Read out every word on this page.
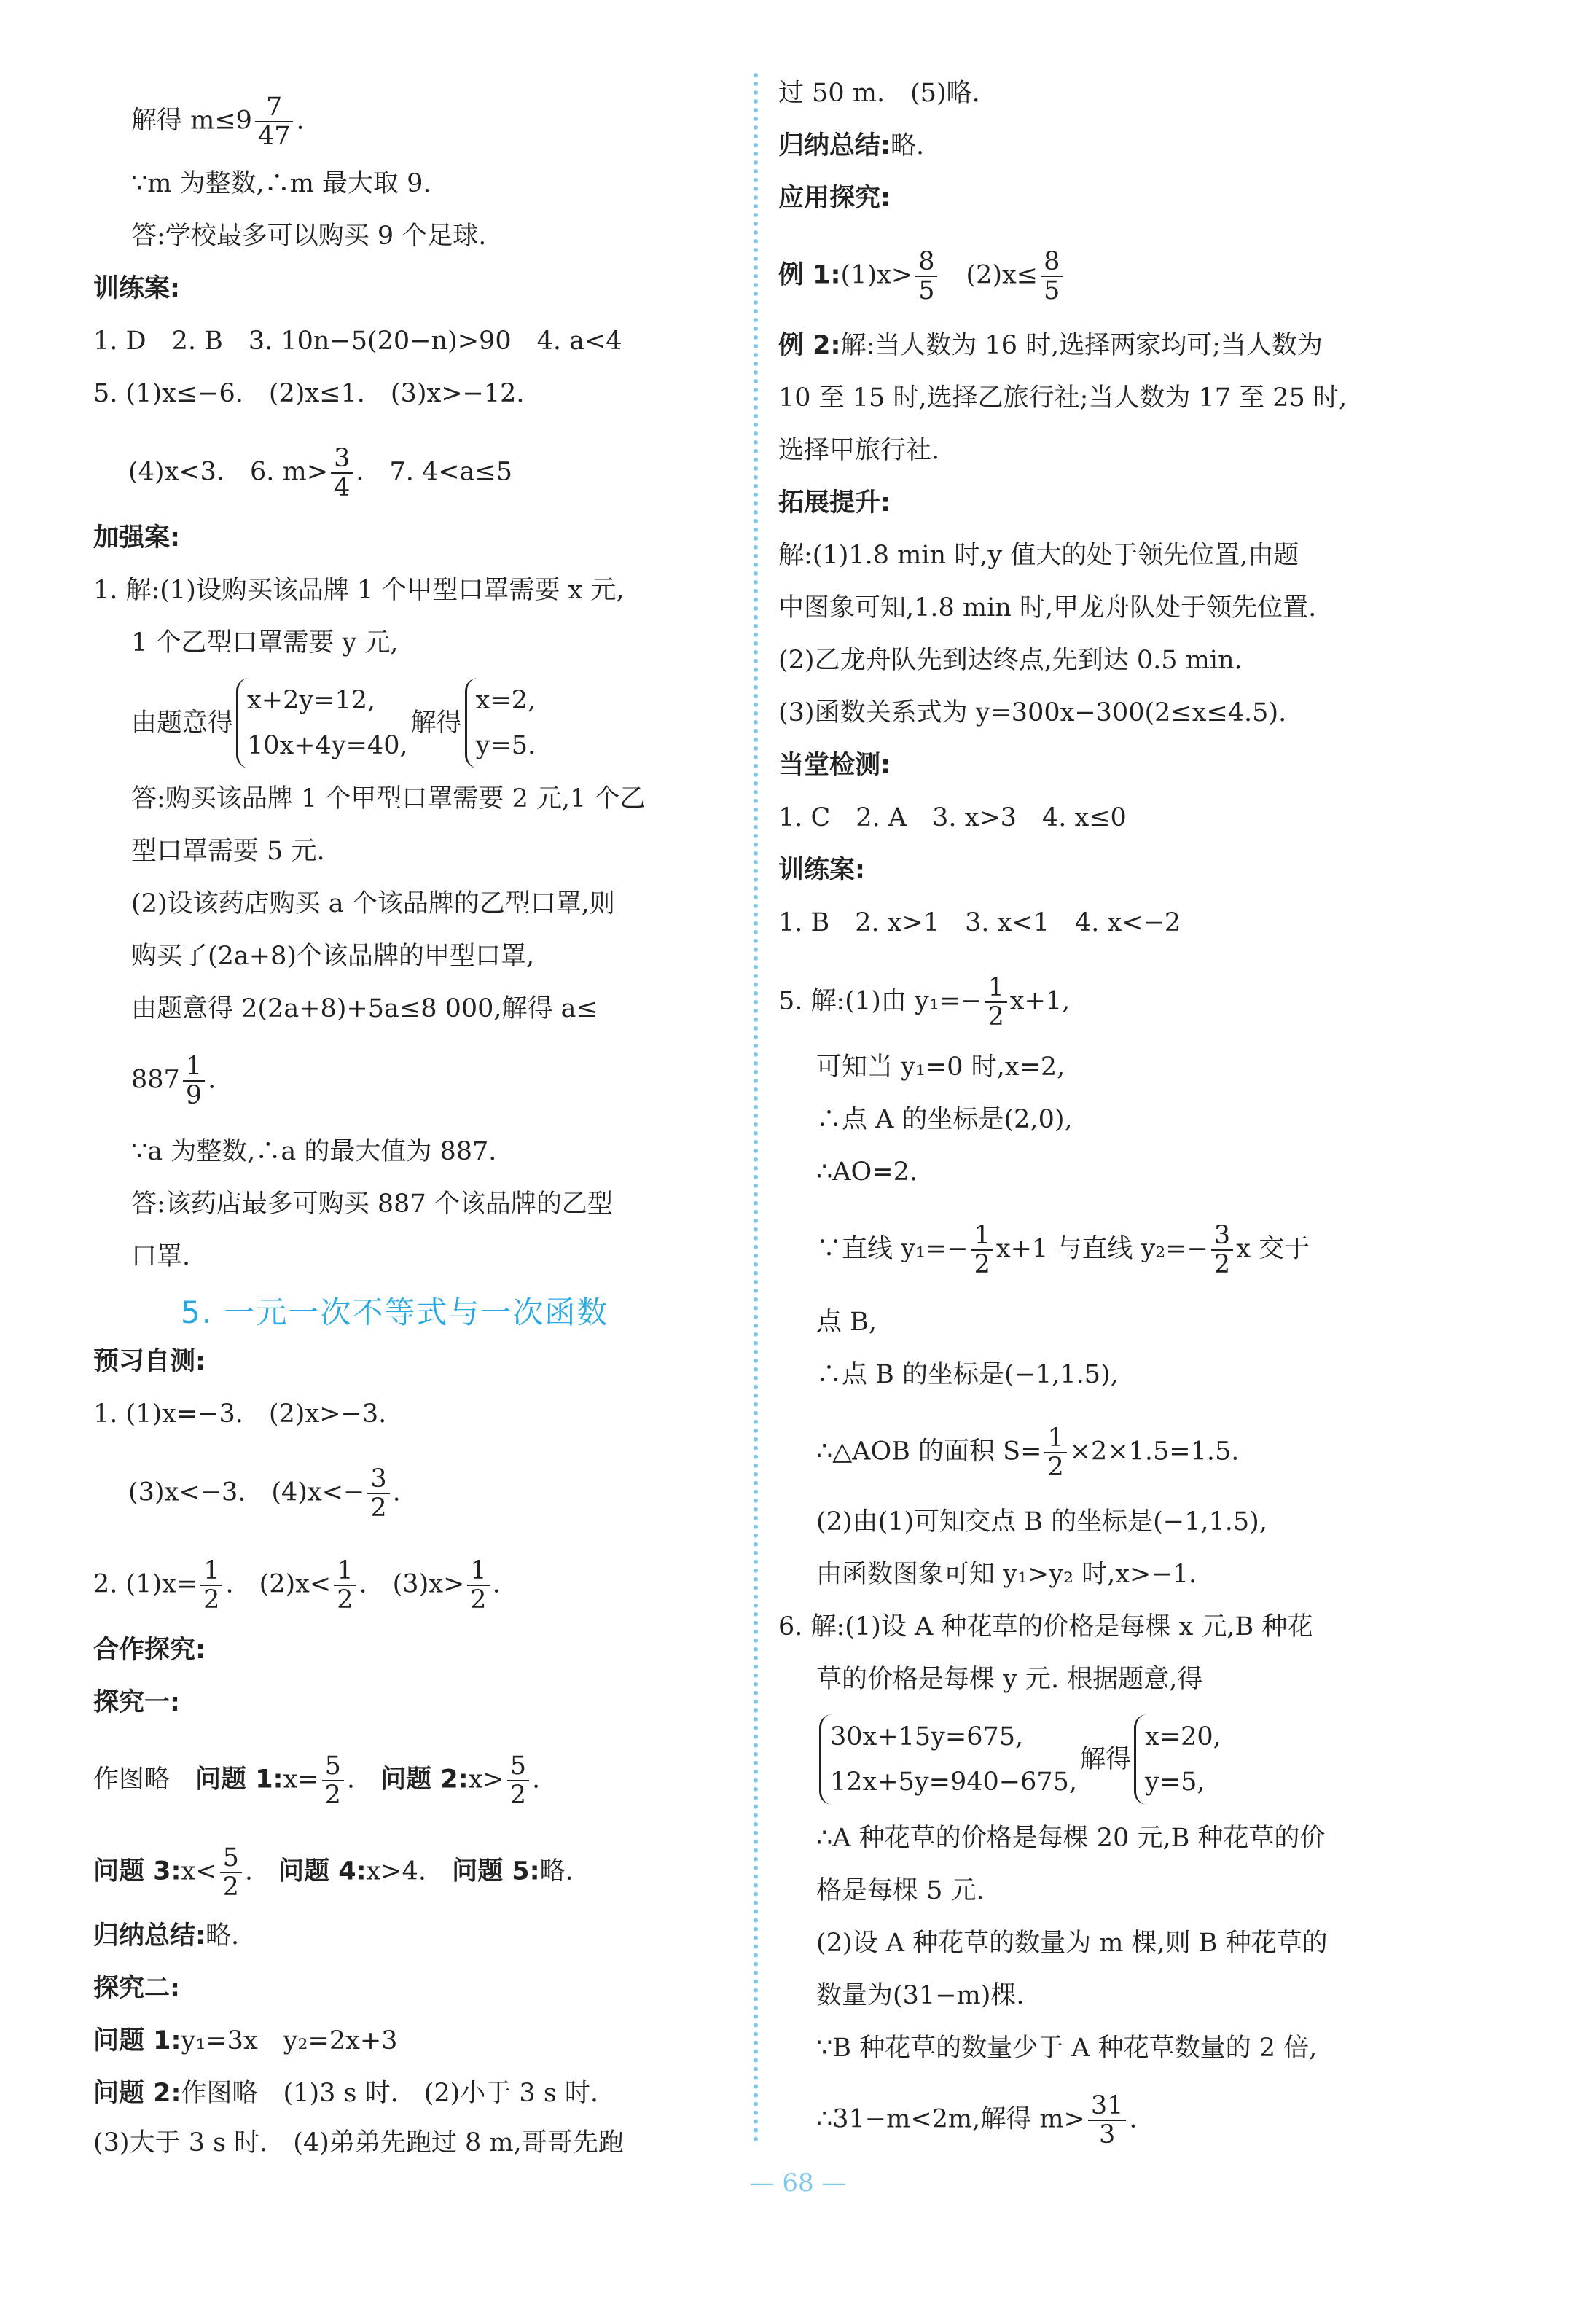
解得 $m\le 9 \frac{7}{47}$ .
∵m 为整数,∴m 最大取 9.
答:学校最多可以购买 9 个足球.
训练案:
1. D　2. B　3. 10n−5(20−n)>90　4. a<4
5. (1)x≤−6.　(2)x≤1.　(3)x>−12.
(4)x<3.　6. $m> \frac{3}{4}$ .　7. 4<a≤5
加强案:
1. 解:(1)设购买该品牌 1 个甲型口罩需要 x 元,
1 个乙型口罩需要 y 元,
由题意得
x+2y=12,
10x+4y=40,
解得
x=2,
y=5.
答:购买该品牌 1 个甲型口罩需要 2 元,1 个乙
型口罩需要 5 元.
(2)设该药店购买 a 个该品牌的乙型口罩,则
购买了(2a+8)个该品牌的甲型口罩,
由题意得 2(2a+8)+5a≤8 000,解得 a≤
$887 \frac{1}{9}$ .
∵a 为整数,∴a 的最大值为 887.
答:该药店最多可购买 887 个该品牌的乙型
口罩.
5. 一元一次不等式与一次函数
预习自测:
1. (1)x=−3.　(2)x>−3.
(3)x<−3.　$(4)x<- \frac{3}{2}$ .
2. $(1)x= \frac{1}{2}$ .　$(2)x< \frac{1}{2}$ .　$(3)x> \frac{1}{2}$ .
合作探究:
探究一:
作图略　问题 1:x= $\frac{5}{2}$ .　问题 2:x> $\frac{5}{2}$ .
问题 3:x< $\frac{5}{2}$ .　问题 4:x>4.　问题 5:略.
归纳总结:略.
探究二:
问题 1:y₁=3x　y₂=2x+3
问题 2:作图略　(1)3 s 时.　(2)小于 3 s 时.
(3)大于 3 s 时.　(4)弟弟先跑过 8 m,哥哥先跑
过 50 m.　(5)略.
归纳总结:略.
应用探究:
例 1:(1)x> $\frac{8}{5}$ 　$(2)x\le \frac{8}{5}$
例 2:解:当人数为 16 时,选择两家均可;当人数为
10 至 15 时,选择乙旅行社;当人数为 17 至 25 时,
选择甲旅行社.
拓展提升:
解:(1)1.8 min 时,y 值大的处于领先位置,由题
中图象可知,1.8 min 时,甲龙舟队处于领先位置.
(2)乙龙舟队先到达终点,先到达 0.5 min.
(3)函数关系式为 y=300x−300(2≤x≤4.5).
当堂检测:
1. C　2. A　3. x>3　4. x≤0
训练案:
1. B　2. x>1　3. x<1　4. x<−2
5. 解:(1)由 $y_1=- \frac{1}{2} x+1$,
可知当 y₁=0 时,x=2,
∴点 A 的坐标是(2,0),
∴AO=2.
∵直线 $y_1=- \frac{1}{2} x+1$ 与直线 $y_2=- \frac{3}{2}$ x 交于
点 B,
∴点 B 的坐标是(−1,1.5),
∴△AOB 的面积 $S= \frac{1}{2} \times 2\times 1.5=1.5$.
(2)由(1)可知交点 B 的坐标是(−1,1.5),
由函数图象可知 y₁>y₂ 时,x>−1.
6. 解:(1)设 A 种花草的价格是每棵 x 元,B 种花
草的价格是每棵 y 元. 根据题意,得
30x+15y=675,
12x+5y=940−675,
解得
x=20,
y=5,
∴A 种花草的价格是每棵 20 元,B 种花草的价
格是每棵 5 元.
(2)设 A 种花草的数量为 m 棵,则 B 种花草的
数量为(31−m)棵.
∵B 种花草的数量少于 A 种花草数量的 2 倍,
∴31−m<2m,解得 $m> \frac{31}{3}$ .
— 68 —
